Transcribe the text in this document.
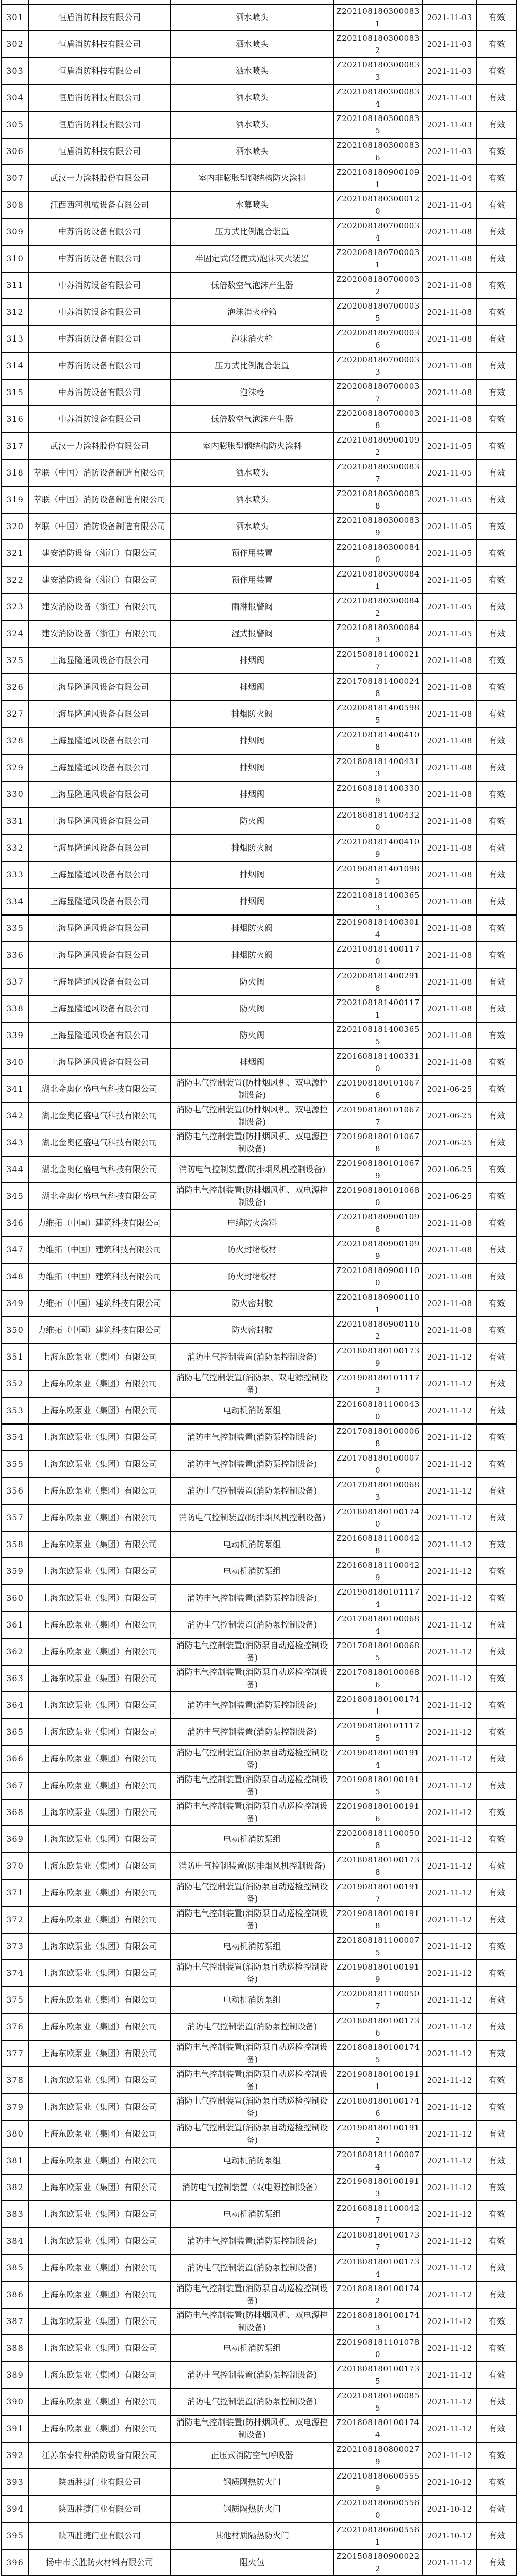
301	恒盾消防科技有限公司	洒水喷头	Z2021081803000831	2021-11-03	有效
302	恒盾消防科技有限公司	洒水喷头	Z2021081803000832	2021-11-03	有效
303	恒盾消防科技有限公司	洒水喷头	Z2021081803000833	2021-11-03	有效
304	恒盾消防科技有限公司	洒水喷头	Z2021081803000834	2021-11-03	有效
305	恒盾消防科技有限公司	洒水喷头	Z2021081803000835	2021-11-03	有效
306	恒盾消防科技有限公司	洒水喷头	Z2021081803000836	2021-11-03	有效
307	武汉一力涂料股份有限公司	室内非膨胀型钢结构防火涂料	Z2021081809001091	2021-11-04	有效
308	江西西河机械设备有限公司	水幕喷头	Z2021081803000120	2021-11-04	有效
309	中苏消防设备有限公司	压力式比例混合装置	Z2020081807000034	2021-11-08	有效
310	中苏消防设备有限公司	半固定式(轻便式)泡沫灭火装置	Z2020081807000031	2021-11-08	有效
311	中苏消防设备有限公司	低倍数空气泡沫产生器	Z2020081807000032	2021-11-08	有效
312	中苏消防设备有限公司	泡沫消火栓箱	Z2020081807000035	2021-11-08	有效
313	中苏消防设备有限公司	泡沫消火栓	Z2020081807000036	2021-11-08	有效
314	中苏消防设备有限公司	压力式比例混合装置	Z2020081807000033	2021-11-08	有效
315	中苏消防设备有限公司	泡沫枪	Z2020081807000037	2021-11-08	有效
316	中苏消防设备有限公司	低倍数空气泡沫产生器	Z2020081807000038	2021-11-08	有效
317	武汉一力涂料股份有限公司	室内膨胀型钢结构防火涂料	Z2021081809001092	2021-11-05	有效
318	萃联（中国）消防设备制造有限公司	洒水喷头	Z2021081803000837	2021-11-05	有效
319	萃联（中国）消防设备制造有限公司	洒水喷头	Z2021081803000838	2021-11-05	有效
320	萃联（中国）消防设备制造有限公司	洒水喷头	Z2021081803000839	2021-11-05	有效
321	建安消防设备（浙江）有限公司	预作用装置	Z2021081803000840	2021-11-05	有效
322	建安消防设备（浙江）有限公司	预作用装置	Z2021081803000841	2021-11-05	有效
323	建安消防设备（浙江）有限公司	雨淋报警阀	Z2021081803000842	2021-11-05	有效
324	建安消防设备（浙江）有限公司	湿式报警阀	Z2021081803000843	2021-11-05	有效
325	上海显隆通风设备有限公司	排烟阀	Z2015081814000217	2021-11-08	有效
326	上海显隆通风设备有限公司	排烟阀	Z2017081814000248	2021-11-08	有效
327	上海显隆通风设备有限公司	排烟防火阀	Z2020081814005985	2021-11-08	有效
328	上海显隆通风设备有限公司	排烟阀	Z2021081814004108	2021-11-08	有效
329	上海显隆通风设备有限公司	排烟阀	Z2018081814004313	2021-11-08	有效
330	上海显隆通风设备有限公司	排烟阀	Z2016081814003309	2021-11-08	有效
331	上海显隆通风设备有限公司	防火阀	Z2018081814004320	2021-11-08	有效
332	上海显隆通风设备有限公司	排烟防火阀	Z2021081814004109	2021-11-08	有效
333	上海显隆通风设备有限公司	排烟阀	Z2019081814010985	2021-11-08	有效
334	上海显隆通风设备有限公司	排烟阀	Z2021081814003653	2021-11-08	有效
335	上海显隆通风设备有限公司	排烟防火阀	Z2019081814003014	2021-11-08	有效
336	上海显隆通风设备有限公司	排烟防火阀	Z2021081814001170	2021-11-08	有效
337	上海显隆通风设备有限公司	防火阀	Z2020081814002918	2021-11-08	有效
338	上海显隆通风设备有限公司	防火阀	Z2021081814001171	2021-11-08	有效
339	上海显隆通风设备有限公司	防火阀	Z2021081814003655	2021-11-08	有效
340	上海显隆通风设备有限公司	排烟阀	Z2016081814003310	2021-11-08	有效
341	湖北金奥亿盛电气科技有限公司	消防电气控制装置(防排烟风机、双电源控制设备)	Z2019081801010676	2021-06-25	有效
342	湖北金奥亿盛电气科技有限公司	消防电气控制装置(防排烟风机、双电源控制设备)	Z2019081801010677	2021-06-25	有效
343	湖北金奥亿盛电气科技有限公司	消防电气控制装置(防排烟风机、双电源控制设备)	Z2019081801010678	2021-06-25	有效
344	湖北金奥亿盛电气科技有限公司	消防电气控制装置(防排烟风机控制设备)	Z2019081801010679	2021-06-25	有效
345	湖北金奥亿盛电气科技有限公司	消防电气控制装置(防排烟风机、双电源控制设备)	Z2019081801010680	2021-06-25	有效
346	力维拓（中国）建筑科技有限公司	电缆防火涂料	Z2021081809001098	2021-11-08	有效
347	力维拓（中国）建筑科技有限公司	防火封堵板材	Z2021081809001099	2021-11-08	有效
348	力维拓（中国）建筑科技有限公司	防火封堵板材	Z2021081809001100	2021-11-08	有效
349	力维拓（中国）建筑科技有限公司	防火密封胶	Z2021081809001101	2021-11-08	有效
350	力维拓（中国）建筑科技有限公司	防火密封胶	Z2021081809001102	2021-11-08	有效
351	上海东欧泵业（集团）有限公司	消防电气控制装置(消防泵控制设备)	Z2018081801001739	2021-11-12	有效
352	上海东欧泵业（集团）有限公司	消防电气控制装置(消防泵、双电源控制设备)	Z2019081801011173	2021-11-12	有效
353	上海东欧泵业（集团）有限公司	电动机消防泵组	Z2016081811000430	2021-11-12	有效
354	上海东欧泵业（集团）有限公司	消防电气控制装置(消防泵控制设备)	Z2017081801000068	2021-11-12	有效
355	上海东欧泵业（集团）有限公司	消防电气控制装置(消防泵控制设备)	Z2017081801000070	2021-11-12	有效
356	上海东欧泵业（集团）有限公司	消防电气控制装置(消防泵控制设备)	Z2017081801000683	2021-11-12	有效
357	上海东欧泵业（集团）有限公司	消防电气控制装置(防排烟风机控制设备)	Z2018081801001740	2021-11-12	有效
358	上海东欧泵业（集团）有限公司	电动机消防泵组	Z2016081811000428	2021-11-12	有效
359	上海东欧泵业（集团）有限公司	电动机消防泵组	Z2016081811000429	2021-11-12	有效
360	上海东欧泵业（集团）有限公司	消防电气控制装置(消防泵控制设备)	Z2019081801011174	2021-11-12	有效
361	上海东欧泵业（集团）有限公司	消防电气控制装置(消防泵控制设备)	Z2017081801000684	2021-11-12	有效
362	上海东欧泵业（集团）有限公司	消防电气控制装置(消防泵自动巡检控制设备)	Z2017081801000685	2021-11-12	有效
363	上海东欧泵业（集团）有限公司	消防电气控制装置(消防泵自动巡检控制设备)	Z2017081801000686	2021-11-12	有效
364	上海东欧泵业（集团）有限公司	消防电气控制装置(消防泵控制设备)	Z2018081801001741	2021-11-12	有效
365	上海东欧泵业（集团）有限公司	消防电气控制装置(消防泵控制设备)	Z2019081801011175	2021-11-12	有效
366	上海东欧泵业（集团）有限公司	消防电气控制装置(消防泵自动巡检控制设备)	Z2019081801001914	2021-11-12	有效
367	上海东欧泵业（集团）有限公司	消防电气控制装置(消防泵自动巡检控制设备)	Z2019081801001915	2021-11-12	有效
368	上海东欧泵业（集团）有限公司	消防电气控制装置(消防泵自动巡检控制设备)	Z2019081801001916	2021-11-12	有效
369	上海东欧泵业（集团）有限公司	电动机消防泵组	Z2020081811000508	2021-11-12	有效
370	上海东欧泵业（集团）有限公司	消防电气控制装置(防排烟风机控制设备)	Z2018081801001738	2021-11-12	有效
371	上海东欧泵业（集团）有限公司	消防电气控制装置(消防泵自动巡检控制设备)	Z2019081801001917	2021-11-12	有效
372	上海东欧泵业（集团）有限公司	消防电气控制装置(消防泵自动巡检控制设备)	Z2019081801001918	2021-11-12	有效
373	上海东欧泵业（集团）有限公司	电动机消防泵组	Z2018081811000075	2021-11-12	有效
374	上海东欧泵业（集团）有限公司	消防电气控制装置(消防泵自动巡检控制设备)	Z2019081801001919	2021-11-12	有效
375	上海东欧泵业（集团）有限公司	电动机消防泵组	Z2020081811000507	2021-11-12	有效
376	上海东欧泵业（集团）有限公司	消防电气控制装置(消防泵控制设备)	Z2018081801001736	2021-11-12	有效
377	上海东欧泵业（集团）有限公司	消防电气控制装置(消防泵自动巡检控制设备)	Z2018081801001745	2021-11-12	有效
378	上海东欧泵业（集团）有限公司	消防电气控制装置(消防泵自动巡检控制设备)	Z2019081801001911	2021-11-12	有效
379	上海东欧泵业（集团）有限公司	消防电气控制装置(消防泵自动巡检控制设备)	Z2018081801001746	2021-11-12	有效
380	上海东欧泵业（集团）有限公司	消防电气控制装置(消防泵自动巡检控制设备)	Z2019081801001912	2021-11-12	有效
381	上海东欧泵业（集团）有限公司	电动机消防泵组	Z2018081811000074	2021-11-12	有效
382	上海东欧泵业（集团）有限公司	消防电气控制装置（双电源控制设备）	Z2019081801001913	2021-11-12	有效
383	上海东欧泵业（集团）有限公司	电动机消防泵组	Z2016081811000427	2021-11-12	有效
384	上海东欧泵业（集团）有限公司	消防电气控制装置(消防泵控制设备)	Z2018081801001737	2021-11-12	有效
385	上海东欧泵业（集团）有限公司	消防电气控制装置(消防泵控制设备)	Z2018081801001734	2021-11-12	有效
386	上海东欧泵业（集团）有限公司	消防电气控制装置(消防泵自动巡检控制设备)	Z2018081801001742	2021-11-12	有效
387	上海东欧泵业（集团）有限公司	消防电气控制装置(防排烟风机、双电源控制设备)	Z2018081801001743	2021-11-12	有效
388	上海东欧泵业（集团）有限公司	电动机消防泵组	Z2019081811010780	2021-11-12	有效
389	上海东欧泵业（集团）有限公司	消防电气控制装置(消防泵控制设备)	Z2018081801001735	2021-11-12	有效
390	上海东欧泵业（集团）有限公司	消防电气控制装置(消防泵控制设备)	Z2021081801000855	2021-11-12	有效
391	上海东欧泵业（集团）有限公司	消防电气控制装置(防排烟风机、双电源控制设备)	Z2018081801001744	2021-11-12	有效
392	江苏东泰特种消防设备有限公司	正压式消防空气呼吸器	Z2021081808000279	2021-11-12	有效
393	陕西胜捷门业有限公司	钢质隔热防火门	Z2021081806005559	2021-10-12	有效
394	陕西胜捷门业有限公司	钢质隔热防火门	Z2021081806005560	2021-10-12	有效
395	陕西胜捷门业有限公司	其他材质隔热防火门	Z2021081806005561	2021-10-12	有效
396	扬中市长胜防火材料有限公司	阻火包	Z2015081809000222	2021-11-12	有效
